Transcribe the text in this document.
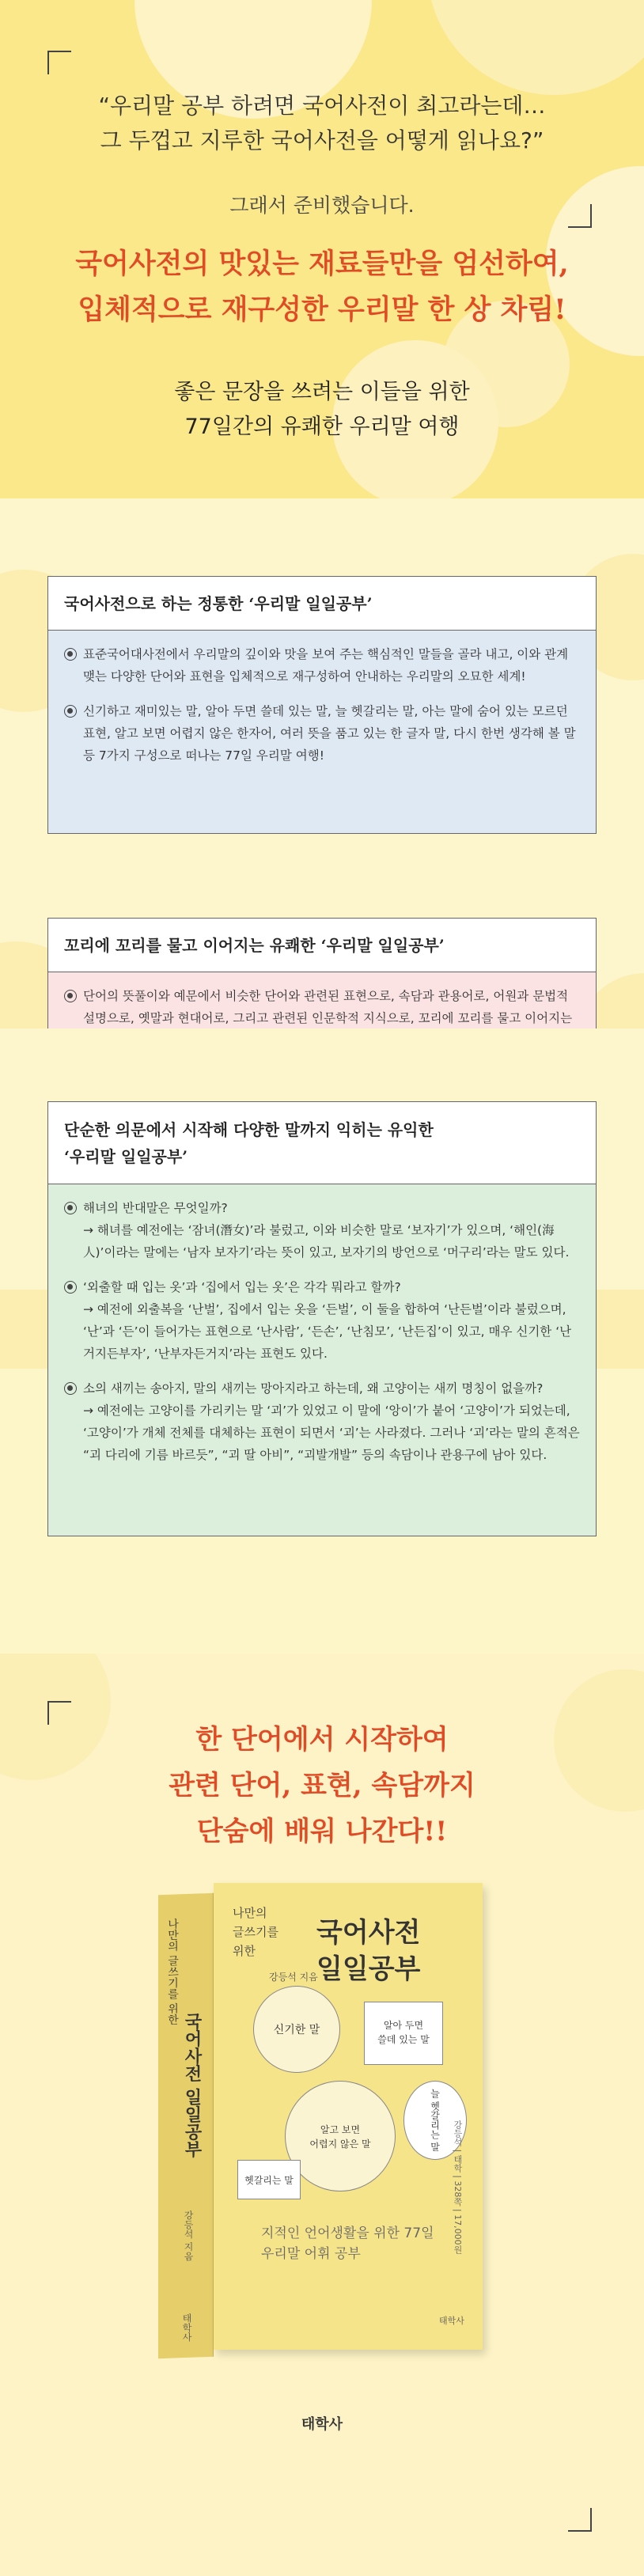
“우리말 공부 하려면 국어사전이 최고라는데…
그 두껍고 지루한 국어사전을 어떻게 읽나요?”
그래서 준비했습니다.
국어사전의 맛있는 재료들만을 엄선하여,
입체적으로 재구성한 우리말 한 상 차림!
좋은 문장을 쓰려는 이들을 위한
77일간의 유쾌한 우리말 여행
국어사전으로 하는 정통한 ‘우리말 일일공부’
표준국어대사전에서 우리말의 깊이와 맛을 보여 주는 핵심적인 말들을 골라 내고, 이와 관계 맺는 다양한 단어와 표현을 입체적으로 재구성하여 안내하는 우리말의 오묘한 세계!
신기하고 재미있는 말, 알아 두면 쓸데 있는 말, 늘 헷갈리는 말, 아는 말에 숨어 있는 모르던 표현, 알고 보면 어렵지 않은 한자어, 여러 뜻을 품고 있는 한 글자 말, 다시 한번 생각해 볼 말 등 7가지 구성으로 떠나는 77일 우리말 여행!
꼬리에 꼬리를 물고 이어지는 유쾌한 ‘우리말 일일공부’
단어의 뜻풀이와 예문에서 비슷한 단어와 관련된 표현으로, 속담과 관용어로, 어원과 문법적 설명으로, 옛말과 현대어로, 그리고 관련된 인문학적 지식으로, 꼬리에 꼬리를 물고 이어지는
단순한 의문에서 시작해 다양한 말까지 익히는 유익한
‘우리말 일일공부’

해녀의 반대말은 무엇일까?

→ 해녀를 예전에는 ‘잠녀(潛女)’라 불렀고, 이와 비슷한 말로 ‘보자기’가 있으며, ‘해인(海人)’이라는 말에는 ‘남자 보자기’라는 뜻이 있고, 보자기의 방언으로 ‘머구리’라는 말도 있다.

‘외출할 때 입는 옷’과 ‘집에서 입는 옷’은 각각 뭐라고 할까?

→ 예전에 외출복을 ‘난벌’, 집에서 입는 옷을 ‘든벌’, 이 둘을 합하여 ‘난든벌’이라 불렀으며, ‘난’과 ‘든’이 들어가는 표현으로 ‘난사람’, ‘든손’, ‘난침모’, ‘난든집’이 있고, 매우 신기한 ‘난거지든부자’, ‘난부자든거지’라는 표현도 있다.

소의 새끼는 송아지, 말의 새끼는 망아지라고 하는데, 왜 고양이는 새끼 명칭이 없을까?

→ 예전에는 고양이를 가리키는 말 ‘괴’가 있었고 이 말에 ‘앙이’가 붙어 ‘고양이’가 되었는데, ‘고양이’가 개체 전체를 대체하는 표현이 되면서 ‘괴’는 사라졌다. 그러나 ‘괴’라는 말의 흔적은 “괴 다리에 기름 바르듯”, “괴 딸 아비”, “괴발개발” 등의 속담이나 관용구에 남아 있다.

한 단어에서 시작하여
관련 단어, 표현, 속담까지
단숨에 배워 나간다!!
나만의 글쓰기를 위한
국어사전 일일공부
강등석 지음
태학사
나만의
글쓰기를
위한
국어사전
일일공부
강등석 지음
신기한 말	알아 두면
쓸데 있는 말
알고 보면
어렵지 않은 말	늘 헷갈리는 말
헷갈리는 말
지적인 언어생활을 위한 77일
우리말 어휘 공부
강등석 | 태학 | 328쪽 | 17,000원
태학사
태학사
